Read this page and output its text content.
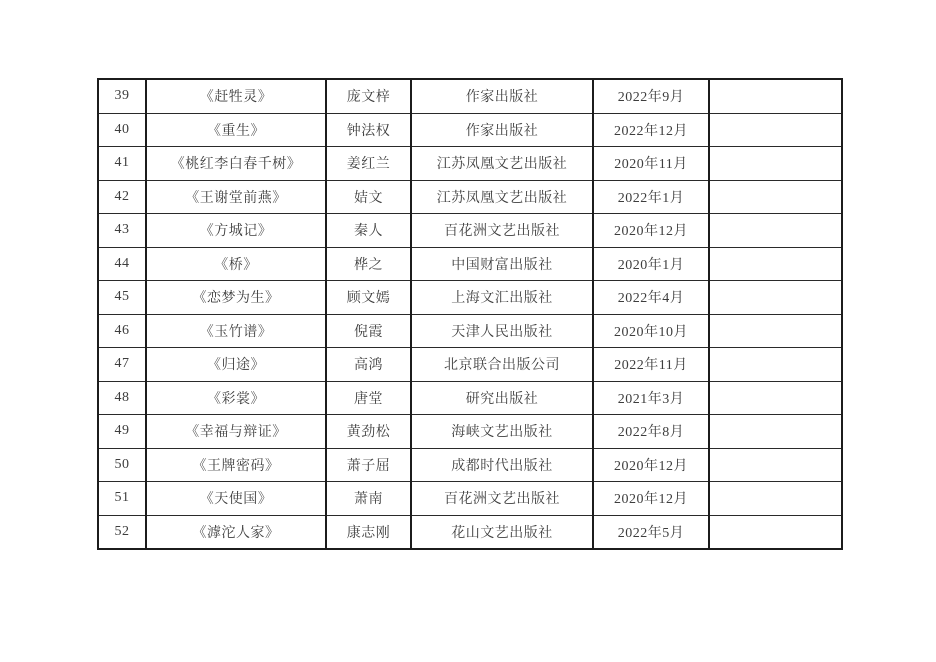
39	《赶牲灵》	庞文梓	作家出版社	2022年9月	
40	《重生》	钟法权	作家出版社	2022年12月	
41	《桃红李白春千树》	姜红兰	江苏凤凰文艺出版社	2020年11月	
42	《王谢堂前燕》	姞文	江苏凤凰文艺出版社	2022年1月	
43	《方城记》	秦人	百花洲文艺出版社	2020年12月	
44	《桥》	桦之	中国财富出版社	2020年1月	
45	《恋梦为生》	顾文嫣	上海文汇出版社	2022年4月	
46	《玉竹谱》	倪霞	天津人民出版社	2020年10月	
47	《归途》	高鸿	北京联合出版公司	2022年11月	
48	《彩裳》	唐堂	研究出版社	2021年3月	
49	《幸福与辩证》	黄劲松	海峡文艺出版社	2022年8月	
50	《王牌密码》	萧子屈	成都时代出版社	2020年12月	
51	《天使国》	萧南	百花洲文艺出版社	2020年12月	
52	《滹沱人家》	康志刚	花山文艺出版社	2022年5月	
